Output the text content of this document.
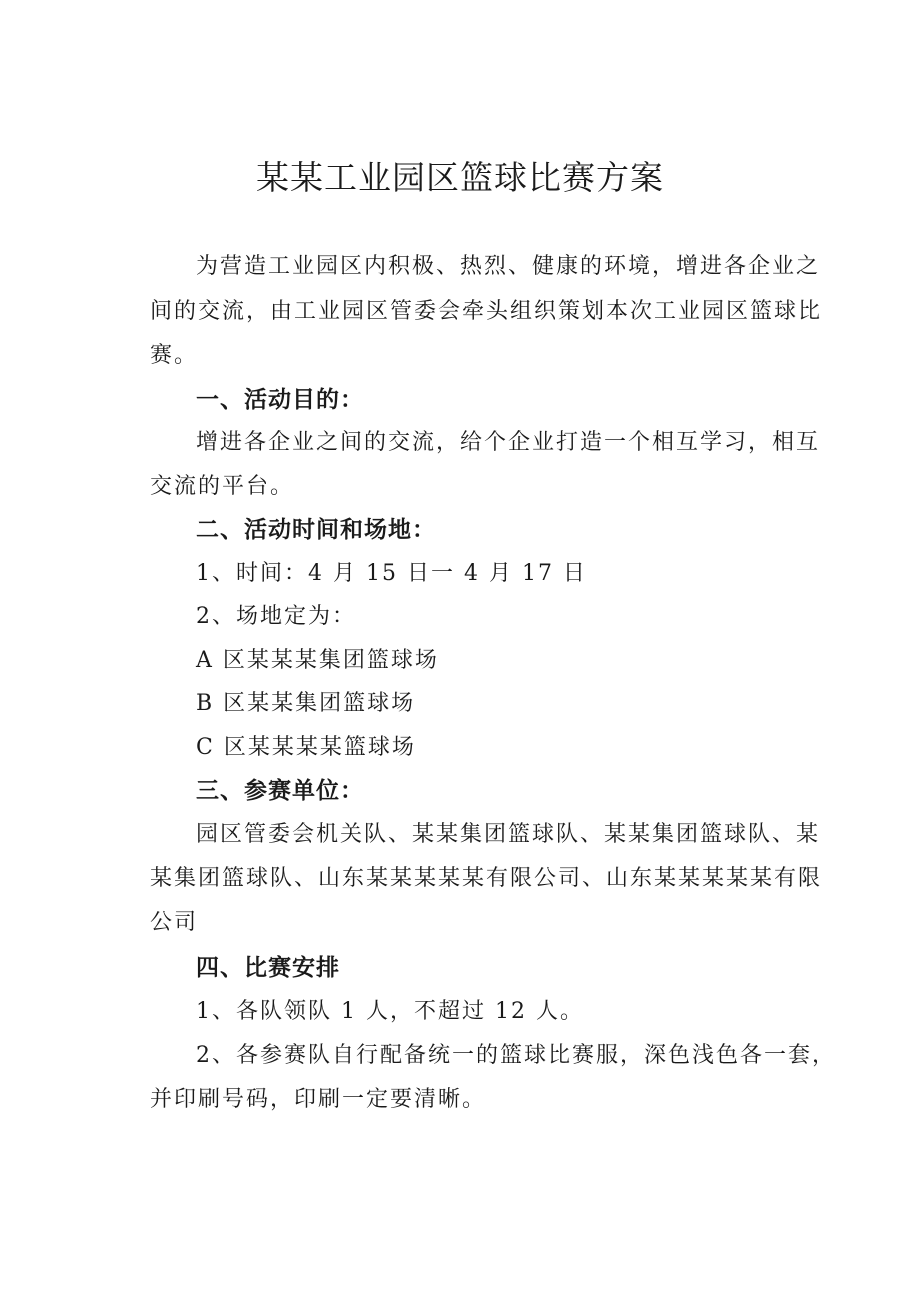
某某工业园区篮球比赛方案
为营造工业园区内积极、热烈、健康的环境，增进各企业之
间的交流，由工业园区管委会牵头组织策划本次工业园区篮球比
赛。
一、活动目的：
增进各企业之间的交流，给个企业打造一个相互学习，相互
交流的平台。
二、活动时间和场地：
1、时间：4 月 15 日一 4 月 17 日
2、场地定为：
A 区某某某集团篮球场
B 区某某集团篮球场
C 区某某某某篮球场
三、参赛单位：
园区管委会机关队、某某集团篮球队、某某集团篮球队、某
某集团篮球队、山东某某某某某有限公司、山东某某某某某有限
公司
四、比赛安排
1、各队领队 1 人，不超过 12 人。
2、各参赛队自行配备统一的篮球比赛服，深色浅色各一套，
并印刷号码，印刷一定要清晰。
